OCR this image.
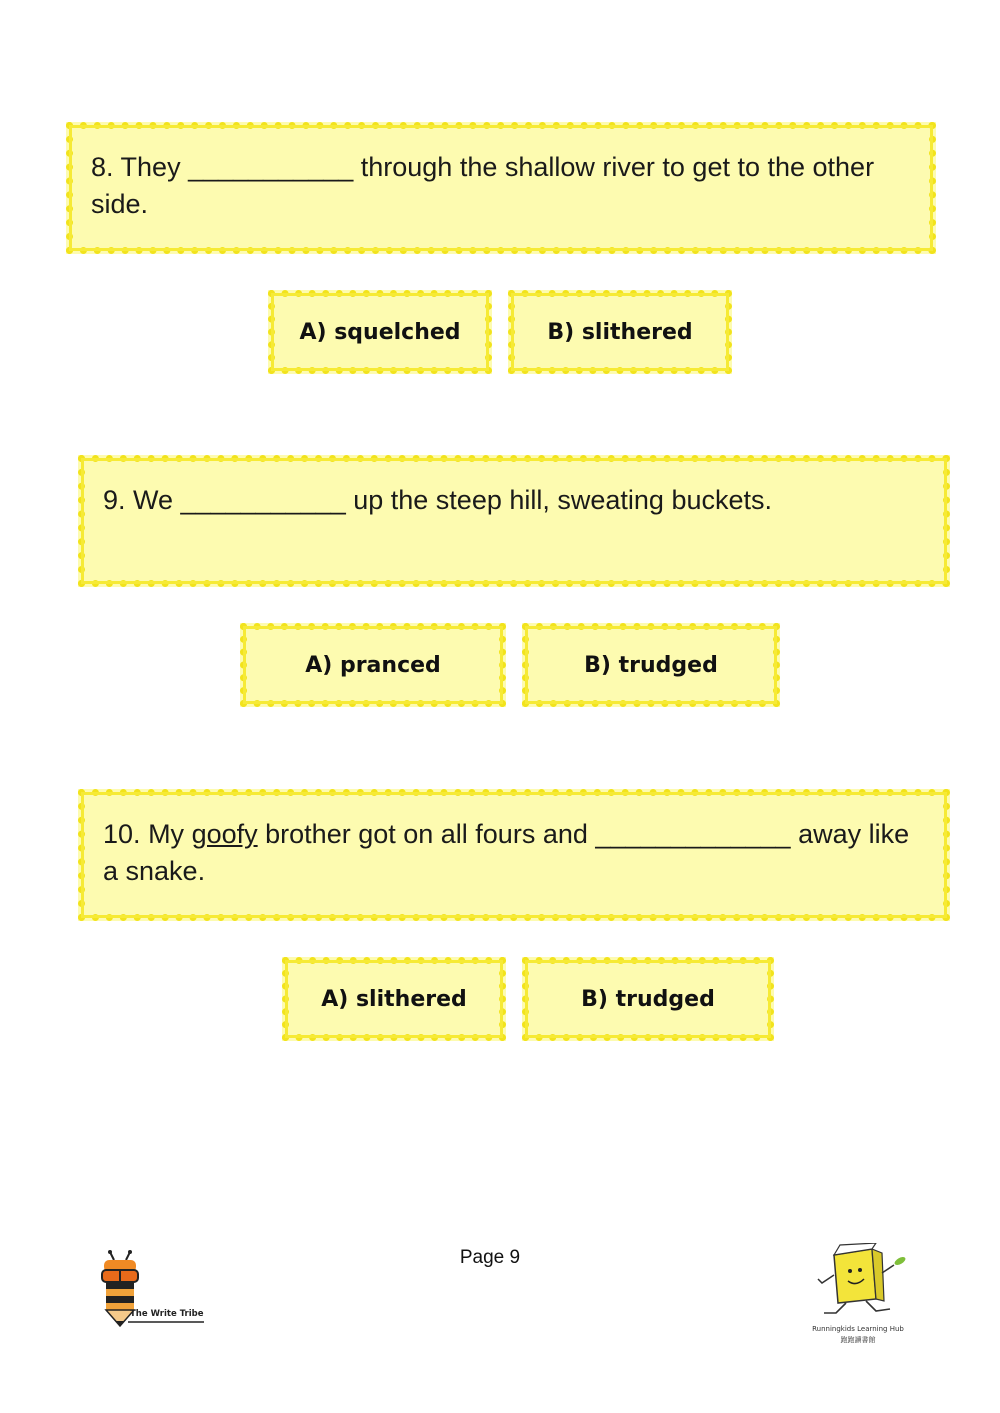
8. They ___________ through the shallow river to get to the other side.
A) squelched	B) slithered
9. We ___________ up the steep hill, sweating buckets.
A) pranced	B) trudged
10. My goofy brother got on all fours and _____________ away like a snake.
A) slithered	B) trudged
Page 9
The Write Tribe
Runningkids Learning Hub
跑跑讀書館
